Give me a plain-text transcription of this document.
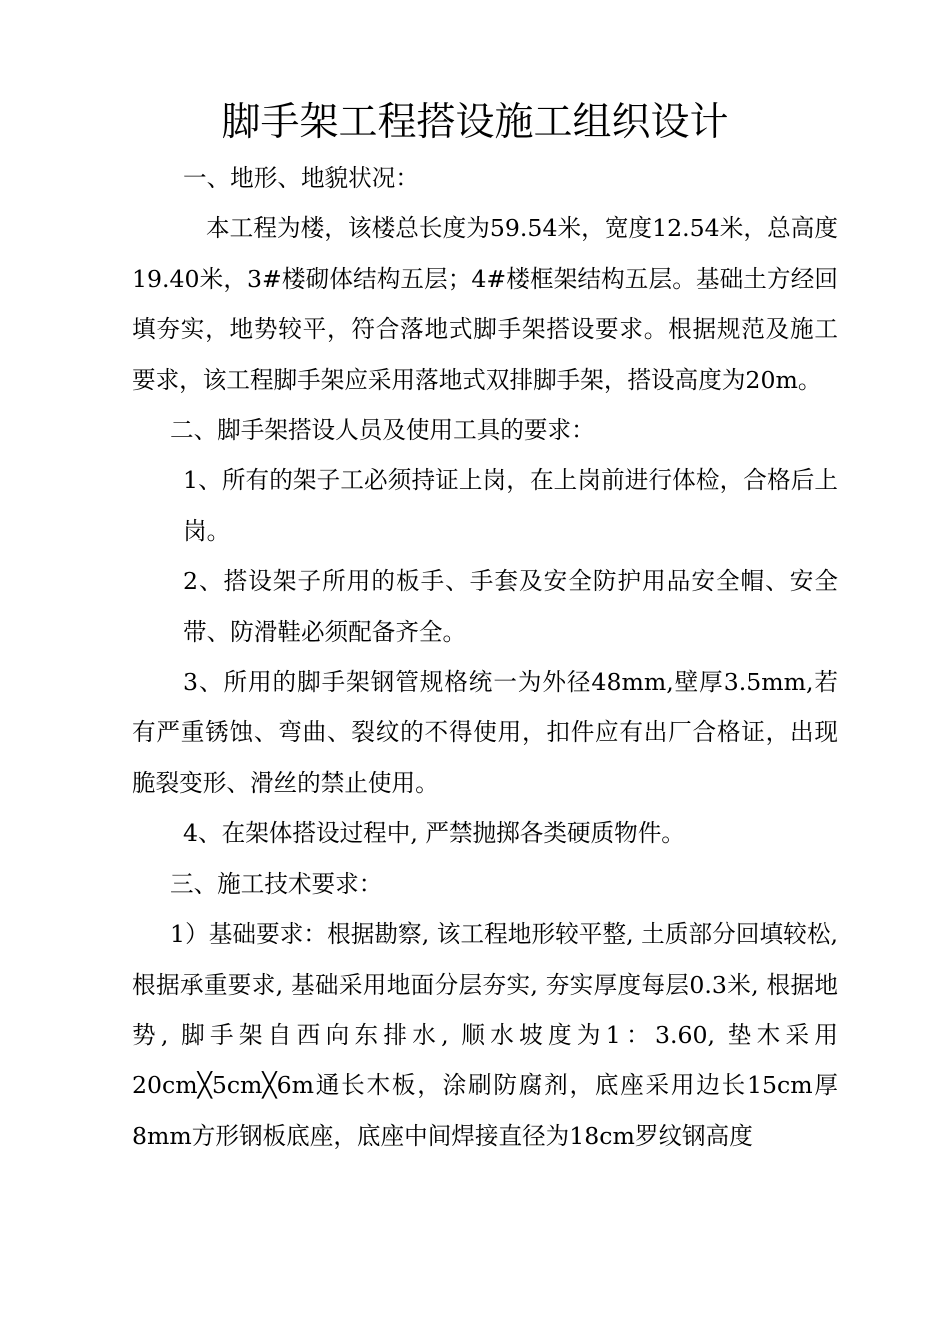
脚手架工程搭设施工组织设计

一、地形、地貌状况：

本工程为楼，该楼总长度为59.54米，宽度12.54米，总高度19.40米，3#楼砌体结构五层；4#楼框架结构五层。基础土方经回填夯实，地势较平，符合落地式脚手架搭设要求。根据规范及施工要求，该工程脚手架应采用落地式双排脚手架，搭设高度为20m。

二、脚手架搭设人员及使用工具的要求：

1、所有的架子工必须持证上岗，在上岗前进行体检，合格后上岗。

2、搭设架子所用的板手、手套及安全防护用品安全帽、安全带、防滑鞋必须配备齐全。

3、所用的脚手架钢管规格统一为外径48mm,壁厚3.5mm,若有严重锈蚀、弯曲、裂纹的不得使用，扣件应有出厂合格证，出现脆裂变形、滑丝的禁止使用。

4、在架体搭设过程中, 严禁抛掷各类硬质物件。

三、施工技术要求：

1）基础要求：根据勘察, 该工程地形较平整, 土质部分回填较松, 根据承重要求, 基础采用地面分层夯实, 夯实厚度每层0.3米, 根据地势, 脚手架自西向东排水, 顺水坡度为1：3.60, 垫木采用20cm╳5cm╳6m通长木板，涂刷防腐剂，底座采用边长15cm厚8mm方形钢板底座，底座中间焊接直径为18cm罗纹钢高度
